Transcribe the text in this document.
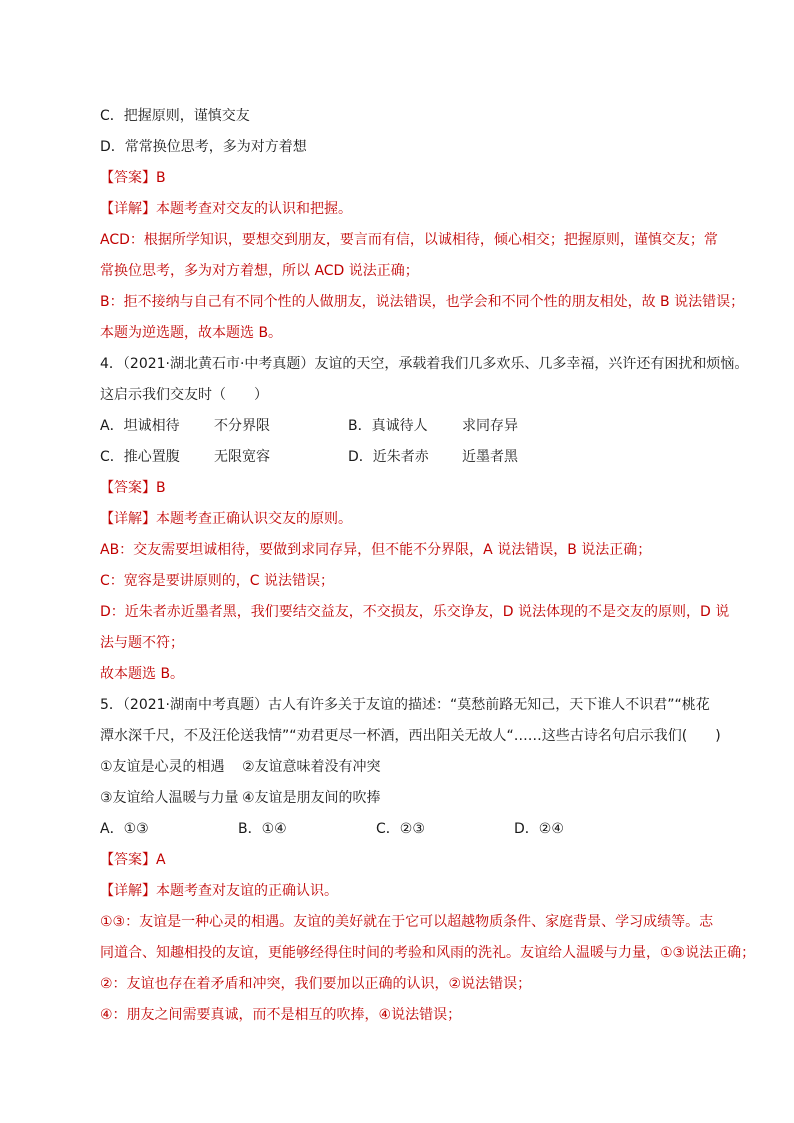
C．把握原则，谨慎交友
D．常常换位思考，多为对方着想
【答案】B
【详解】本题考查对交友的认识和把握。
ACD：根据所学知识，要想交到朋友，要言而有信，以诚相待，倾心相交；把握原则，谨慎交友；常
常换位思考，多为对方着想，所以 ACD 说法正确；
B：拒不接纳与自己有不同个性的人做朋友，说法错误，也学会和不同个性的朋友相处，故 B 说法错误；
本题为逆选题，故本题选 B。
4．（2021·湖北黄石市·中考真题）友谊的天空，承载着我们几多欢乐、几多幸福，兴许还有困扰和烦恼。
这启示我们交友时（　　）
A．坦诚相待 不分界限	B．真诚待人 求同存异
C．推心置腹 无限宽容	D．近朱者赤 近墨者黑
【答案】B
【详解】本题考查正确认识交友的原则。
AB：交友需要坦诚相待，要做到求同存异，但不能不分界限，A 说法错误，B 说法正确；
C：宽容是要讲原则的，C 说法错误；
D：近朱者赤近墨者黑，我们要结交益友，不交损友，乐交诤友，D 说法体现的不是交友的原则，D 说
法与题不符；
故本题选 B。
5．（2021·湖南中考真题）古人有许多关于友谊的描述：“莫愁前路无知己，天下谁人不识君”“桃花
潭水深千尺，不及汪伦送我情”“劝君更尽一杯酒，西出阳关无故人“……这些古诗名句启示我们(　　)
①友谊是心灵的相遇 ②友谊意味着没有冲突
③友谊给人温暖与力量 ④友谊是朋友间的吹捧
A．①③	B．①④	C．②③	D．②④
【答案】A
【详解】本题考查对友谊的正确认识。
①③：友谊是一种心灵的相遇。友谊的美好就在于它可以超越物质条件、家庭背景、学习成绩等。志
同道合、知趣相投的友谊，更能够经得住时间的考验和风雨的洗礼。友谊给人温暖与力量，①③说法正确；
②：友谊也存在着矛盾和冲突，我们要加以正确的认识，②说法错误；
④：朋友之间需要真诚，而不是相互的吹捧，④说法错误；
